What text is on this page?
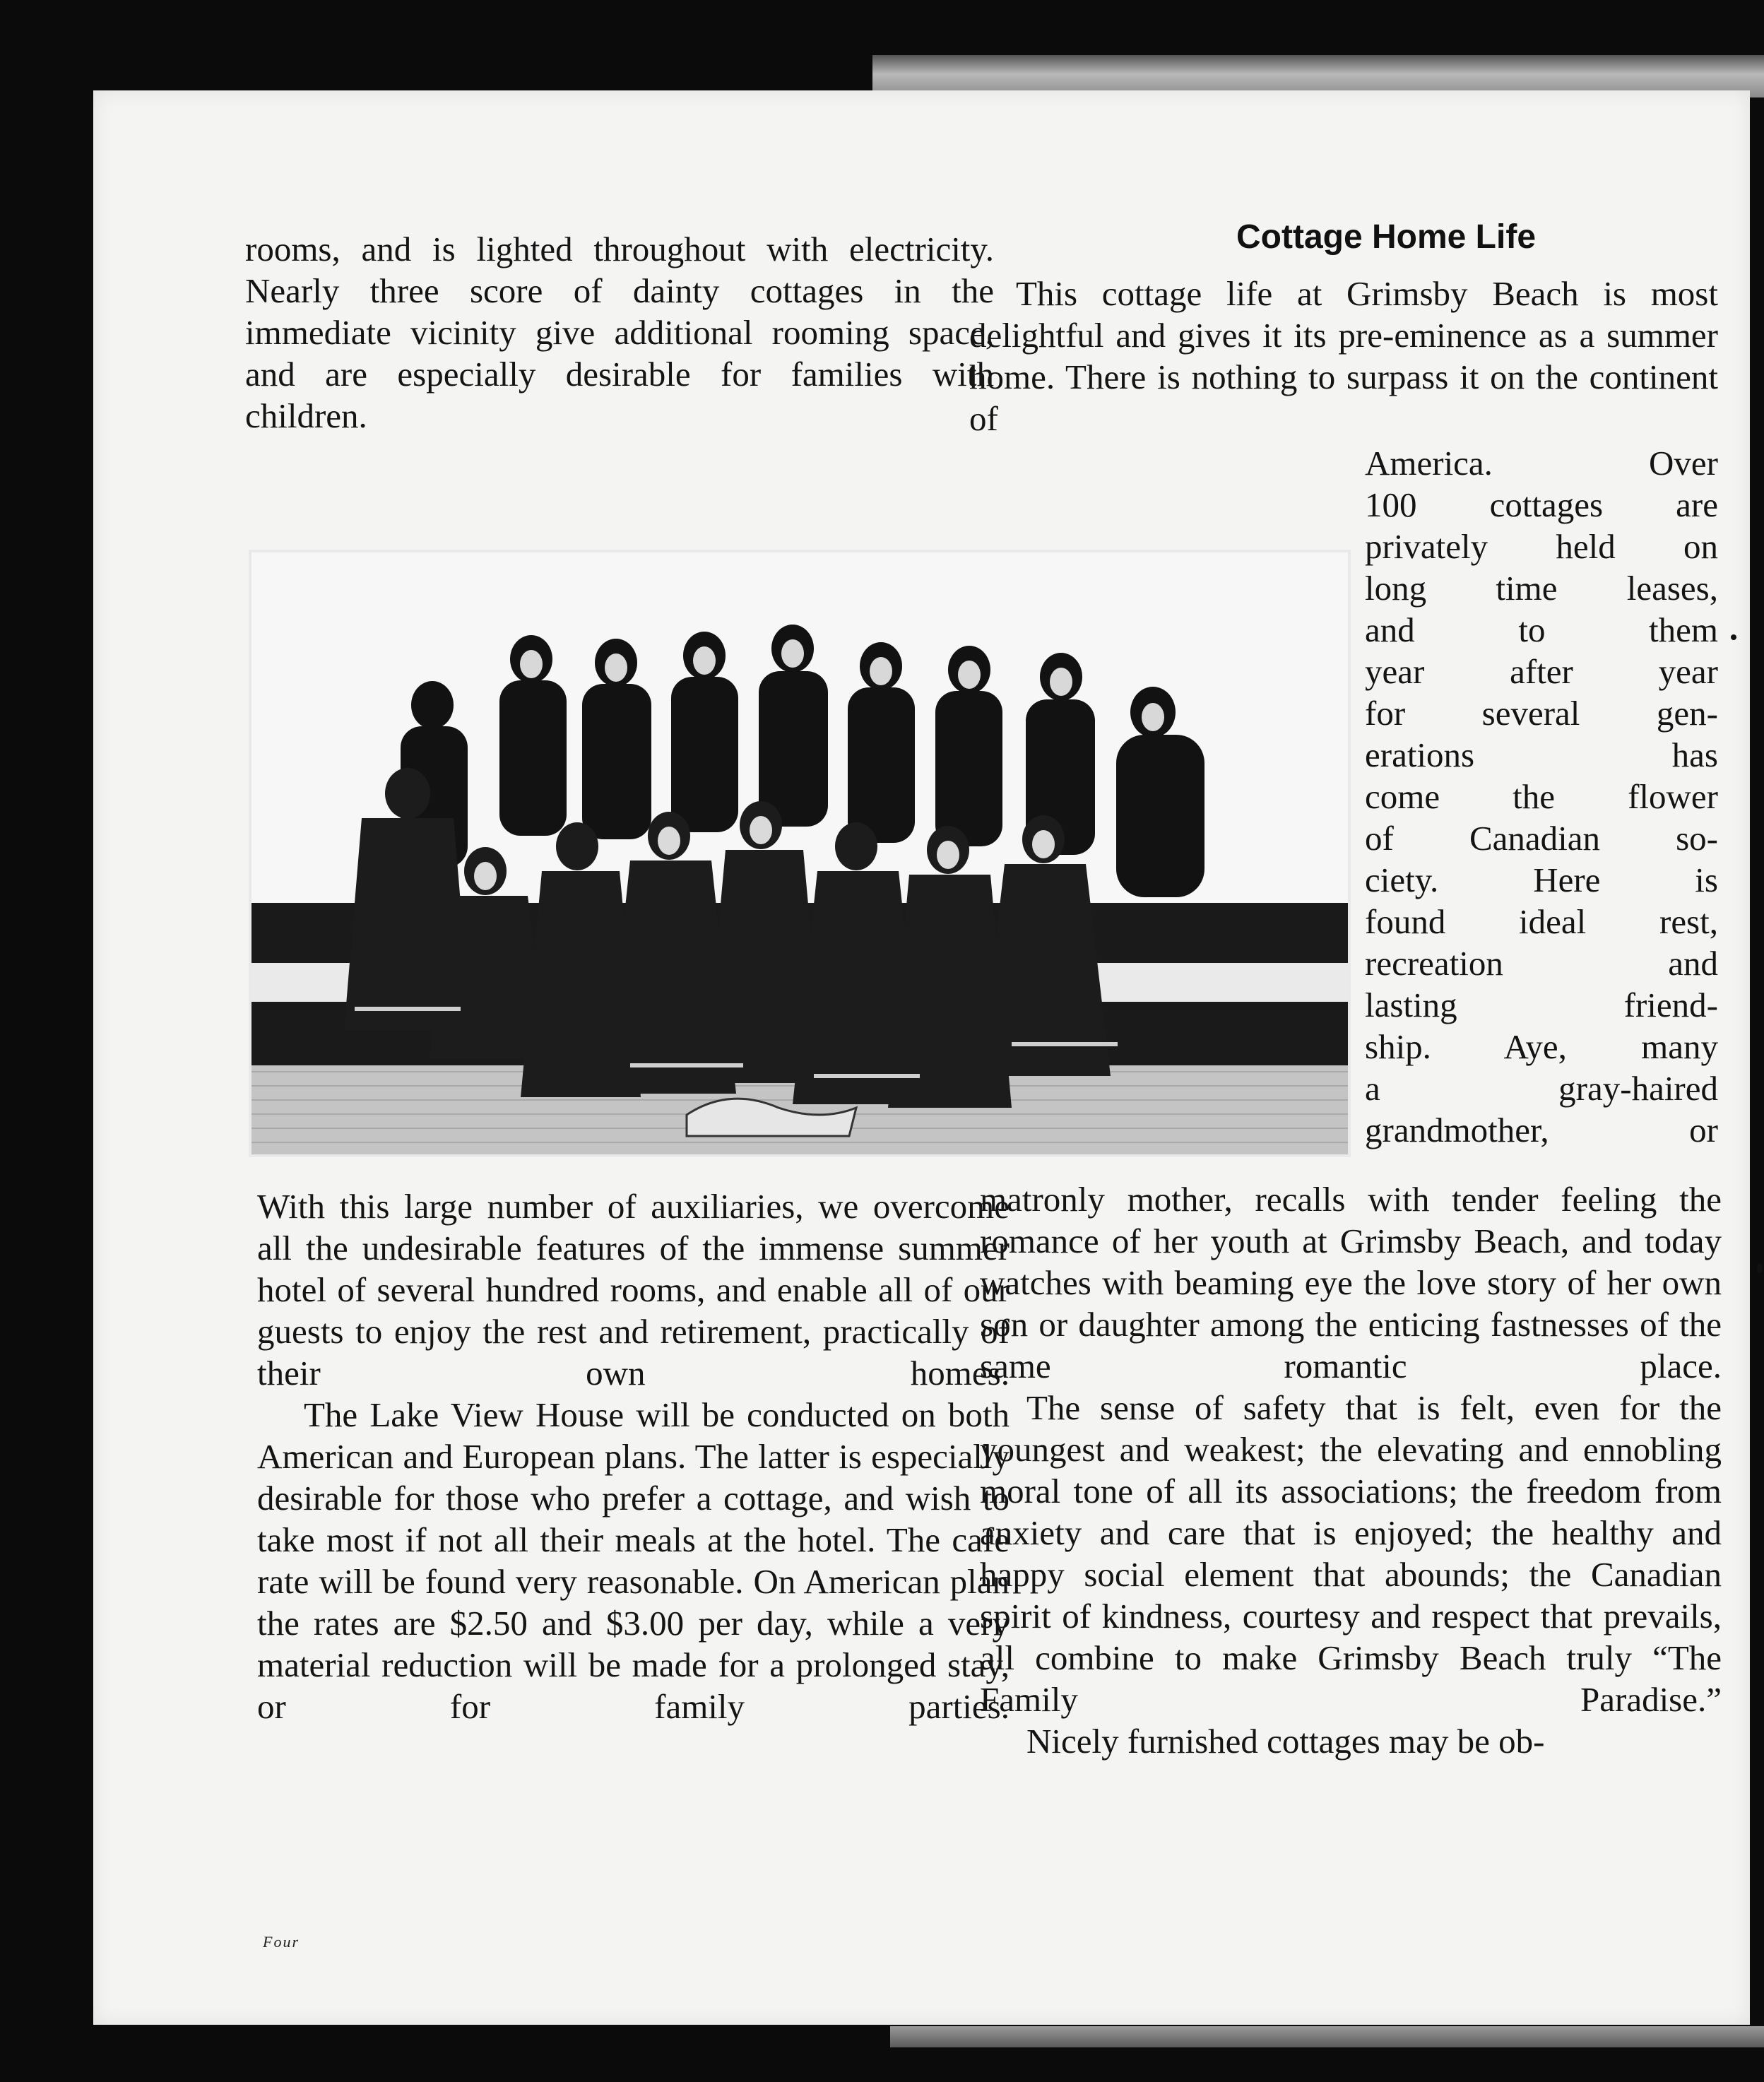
rooms, and is lighted throughout with electricity. Nearly three score of dainty cottages in the immediate vicinity give additional rooming space, and are especially desirable for families with children.
Cottage Home Life
This cottage life at Grimsby Beach is most delightful and gives it its pre-eminence as a summer home. There is nothing to surpass it on the continent of
America. Over
100 cottages are
privately held on
long time leases,
and to them
year after year
for several gen-
erations has
come the flower
of Canadian so-
ciety. Here is
found ideal rest,
recreation and
lasting friend-
ship. Aye, many
a gray-haired
grandmother, or
With this large number of auxiliaries, we overcome all the undesirable features of the immense summer hotel of several hundred rooms, and enable all of our guests to enjoy the rest and retirement, practically of their own homes.
The Lake View House will be conducted on both American and European plans. The latter is especially desirable for those who prefer a cottage, and wish to take most if not all their meals at the hotel. The cafe rate will be found very reasonable. On American plan the rates are $2.50 and $3.00 per day, while a very material reduction will be made for a prolonged stay, or for family parties.
matronly mother, recalls with tender feeling the romance of her youth at Grimsby Beach, and today watches with beaming eye the love story of her own son or daughter among the enticing fastnesses of the same romantic place.
The sense of safety that is felt, even for the youngest and weakest; the elevating and ennobling moral tone of all its associations; the freedom from anxiety and care that is enjoyed; the healthy and happy social element that abounds; the Canadian spirit of kindness, courtesy and respect that prevails, all combine to make Grimsby Beach truly “The Family Paradise.”
Nicely furnished cottages may be ob-
Four
